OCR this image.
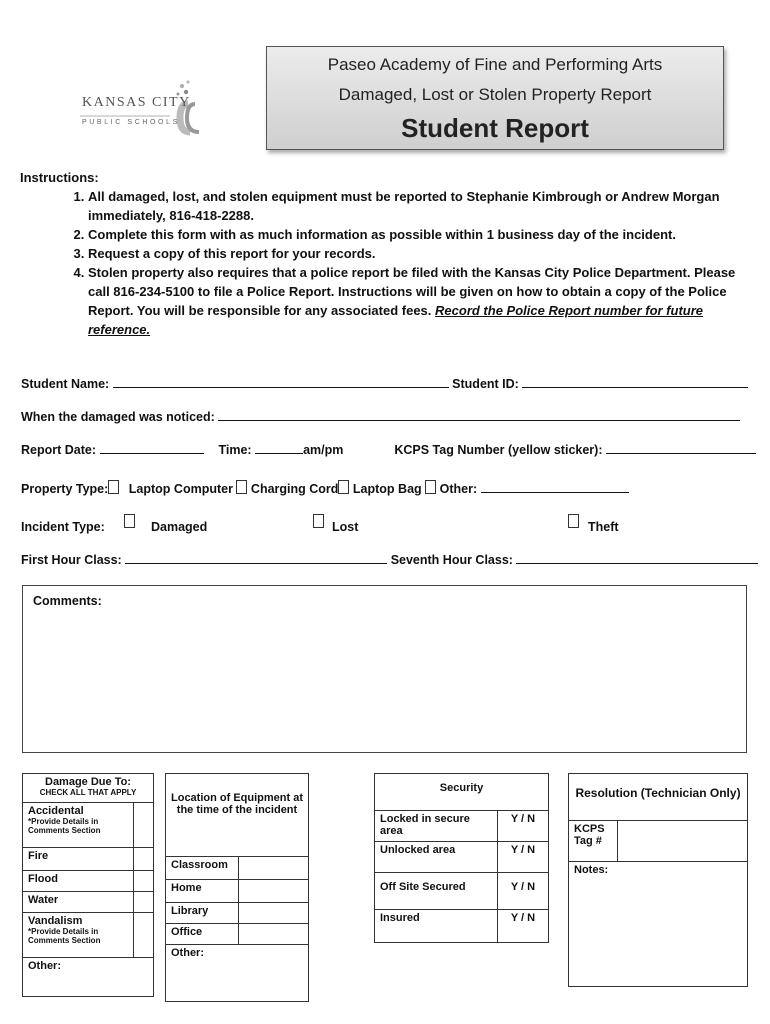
KANSAS CITY
PUBLIC SCHOOLS
Paseo Academy of Fine and Performing Arts
Damaged, Lost or Stolen Property Report
Student Report
Instructions:
1. All damaged, lost, and stolen equipment must be reported to Stephanie Kimbrough or Andrew Morgan immediately, 816-418-2288.
2. Complete this form with as much information as possible within 1 business day of the incident.
3. Request a copy of this report for your records.
4. Stolen property also requires that a police report be filed with the Kansas City Police Department. Please call 816-234-5100 to file a Police Report. Instructions will be given on how to obtain a copy of the Police Report. You will be responsible for any associated fees. Record the Police Report number for future reference.
Student Name:	Student ID:
When the damaged was noticed:
Report Date:	Time:	am/pm	KCPS Tag Number (yellow sticker):
Property Type: Laptop Computer Charging Cord Laptop Bag Other:
Incident Type:	Damaged	Lost	Theft
First Hour Class:	Seventh Hour Class:
Comments:
Damage Due To:
CHECK ALL THAT APPLY	

Accidental
*Provide Details in Comments Section	

Fire	
Flood	
Water	

Vandalism
*Provide Details in Comments Section	

Other:	
Location of Equipment at the time of the incident	
Classroom	
Home	
Library	
Office	
Other:	
Security	
Locked in secure area	Y / N
Unlocked area	Y / N
Off Site Secured	Y / N
Insured	Y / N
Resolution (Technician Only)
KCPS Tag #	
Notes:
